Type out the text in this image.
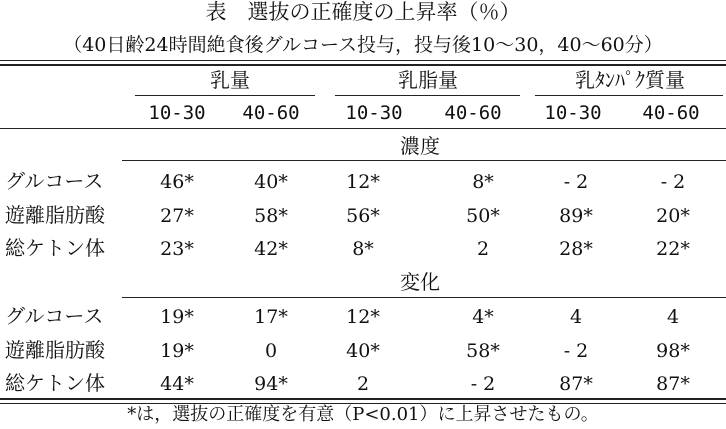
表　選抜の正確度の上昇率（％）
（40日齢24時間絶食後グルコース投与，投与後10～30，40～60分）
乳量	乳脂量	乳ﾀﾝﾊﾟｸ質量
10-30	40-60	10-30	40-60	10-30	40-60
濃度
グルコース	46*	40*	12*	8*	- 2	- 2
遊離脂肪酸	27*	58*	56*	50*	89*	20*
総ケトン体	23*	42*	8*	2	28*	22*
変化
グルコース	19*	17*	12*	4*	4	4
遊離脂肪酸	19*	0	40*	58*	- 2	98*
総ケトン体	44*	94*	2	- 2	87*	87*
*は，選抜の正確度を有意（P<0.01）に上昇させたもの。
